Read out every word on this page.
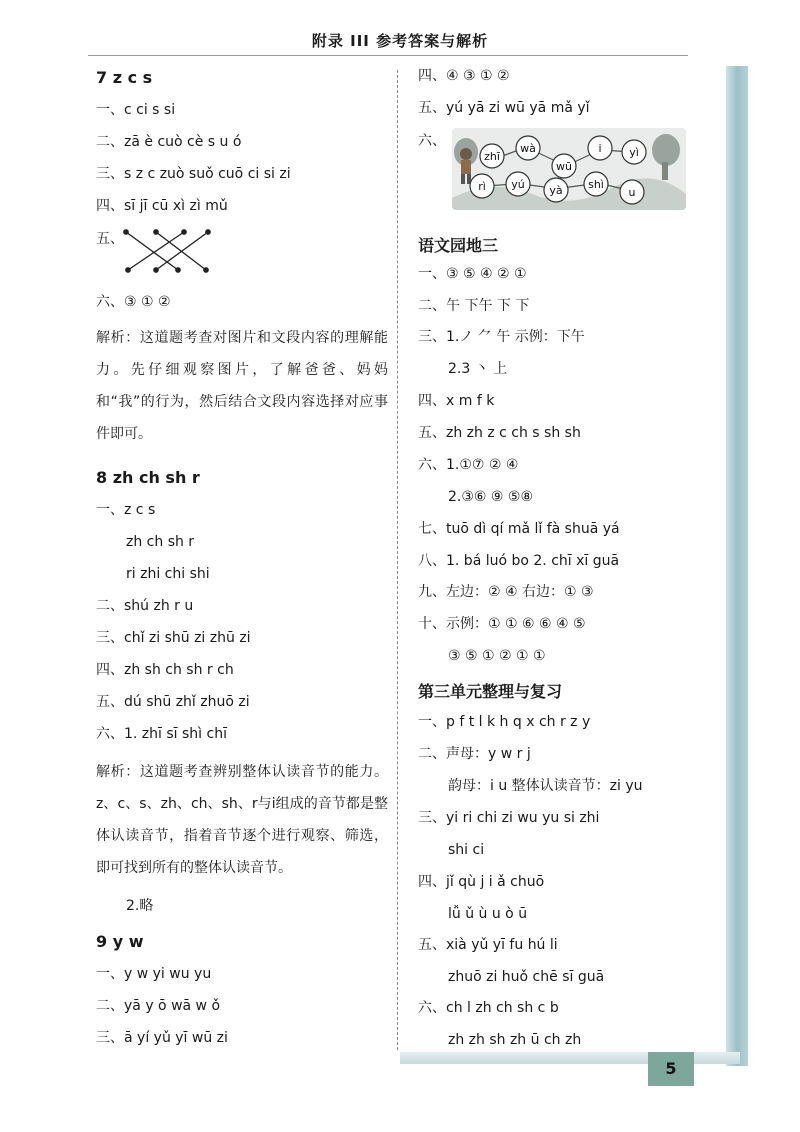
附录 III 参考答案与解析
5
7 z c s
一、c ci s si
二、zā è cuò cè s u ó
三、s z c zuò suǒ cuō ci si zi
四、sī jī cū xì zì mǔ
五、
六、③ ① ②
解析：这道题考查对图片和文段内容的理解能力。先仔细观察图片，了解爸爸、妈妈和“我”的行为，然后结合文段内容选择对应事件即可。
8 zh ch sh r
一、z c s
zh ch sh r
ri zhi chi shi
二、shú zh r u
三、chǐ zi shū zi zhū zi
四、zh sh ch sh r ch
五、dú shū zhǐ zhuō zi
六、1. zhī sī shì chī
解析：这道题考查辨别整体认读音节的能力。z、c、s、zh、ch、sh、r与i组成的音节都是整体认读音节，指着音节逐个进行观察、筛选，即可找到所有的整体认读音节。
2.略
9 y w
一、y w yi wu yu
二、yā y ō wā w ǒ
三、ā yí yǔ yī wū zi
四、④ ③ ① ②
五、yú yā zi wū yā mǎ yǐ
六、
语文园地三
一、③ ⑤ ④ ② ①
二、午 下午 下 下
三、1.ノ ⺈ 午 示例：下午
2.3 丶 上
四、x m f k
五、zh zh z c ch s sh sh
六、1.①⑦ ② ④
2.③⑥ ⑨ ⑤⑧
七、tuō dì qí mǎ lǐ fà shuā yá
八、1. bá luó bo 2. chī xī guā
九、左边：② ④ 右边：① ③
十、示例：① ① ⑥ ⑥ ④ ⑤
③ ⑤ ① ② ① ①
第三单元整理与复习
一、p f t l k h q x ch r z y
二、声母：y w r j
韵母：i u 整体认读音节：zi yu
三、yi ri chi zi wu yu si zhi
shi ci
四、jǐ qù j i ǎ chuō
lǚ ǔ ù u ò ū
五、xià yǔ yī fu hú li
zhuō zi huǒ chē sī guā
六、ch l zh ch sh c b
zh zh sh zh ū ch zh
zhī
wà
wū
i	yì
rì yú yà shì
u
